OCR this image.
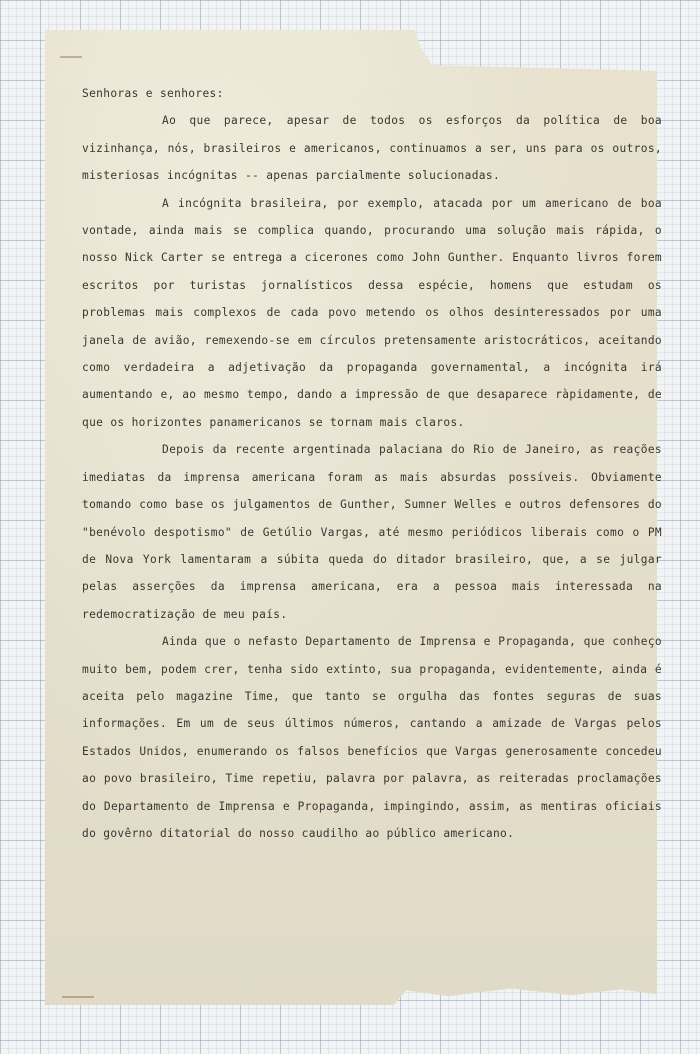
Senhoras e senhores:

Ao que parece, apesar de todos os esforços da política de boa vizinhança, nós, brasileiros e americanos, continuamos a ser, uns para os outros, misteriosas incógnitas -- apenas parcialmente solucionadas.

A incógnita brasileira, por exemplo, atacada por um americano de boa vontade, ainda mais se complica quando, procurando uma solução mais rápida, o nosso Nick Carter se entrega a cicerones como John Gunther. Enquanto livros forem escritos por turistas jornalísticos dessa espécie, homens que estudam os problemas mais complexos de cada povo metendo os olhos desinteressados por uma janela de avião, remexendo-se em círculos pretensamente aristocráticos, aceitando como verdadeira a adjetivação da propaganda governamental, a incógnita irá aumentando e, ao mesmo tempo, dando a impressão de que desaparece ràpidamente, de que os horizontes panamericanos se tornam mais claros.

Depois da recente argentinada palaciana do Rio de Janeiro, as reações imediatas da imprensa americana foram as mais absurdas possíveis. Obviamente tomando como base os julgamentos de Gunther, Sumner Welles e outros defensores do "benévolo despotismo" de Getúlio Vargas, até mesmo periódicos liberais como o PM de Nova York lamentaram a súbita queda do ditador brasileiro, que, a se julgar pelas asserções da imprensa americana, era a pessoa mais interessada na redemocratização de meu país.

Ainda que o nefasto Departamento de Imprensa e Propaganda, que conheço muito bem, podem crer, tenha sido extinto, sua propaganda, evidentemente, ainda é aceita pelo magazine Time, que tanto se orgulha das fontes seguras de suas informações. Em um de seus últimos números, cantando a amizade de Vargas pelos Estados Unidos, enumerando os falsos benefícios que Vargas generosamente concedeu ao povo brasileiro, Time repetiu, palavra por palavra, as reiteradas proclamações do Departamento de Imprensa e Propaganda, impingindo, assim, as mentiras oficiais do govêrno ditatorial do nosso caudilho ao público americano.
